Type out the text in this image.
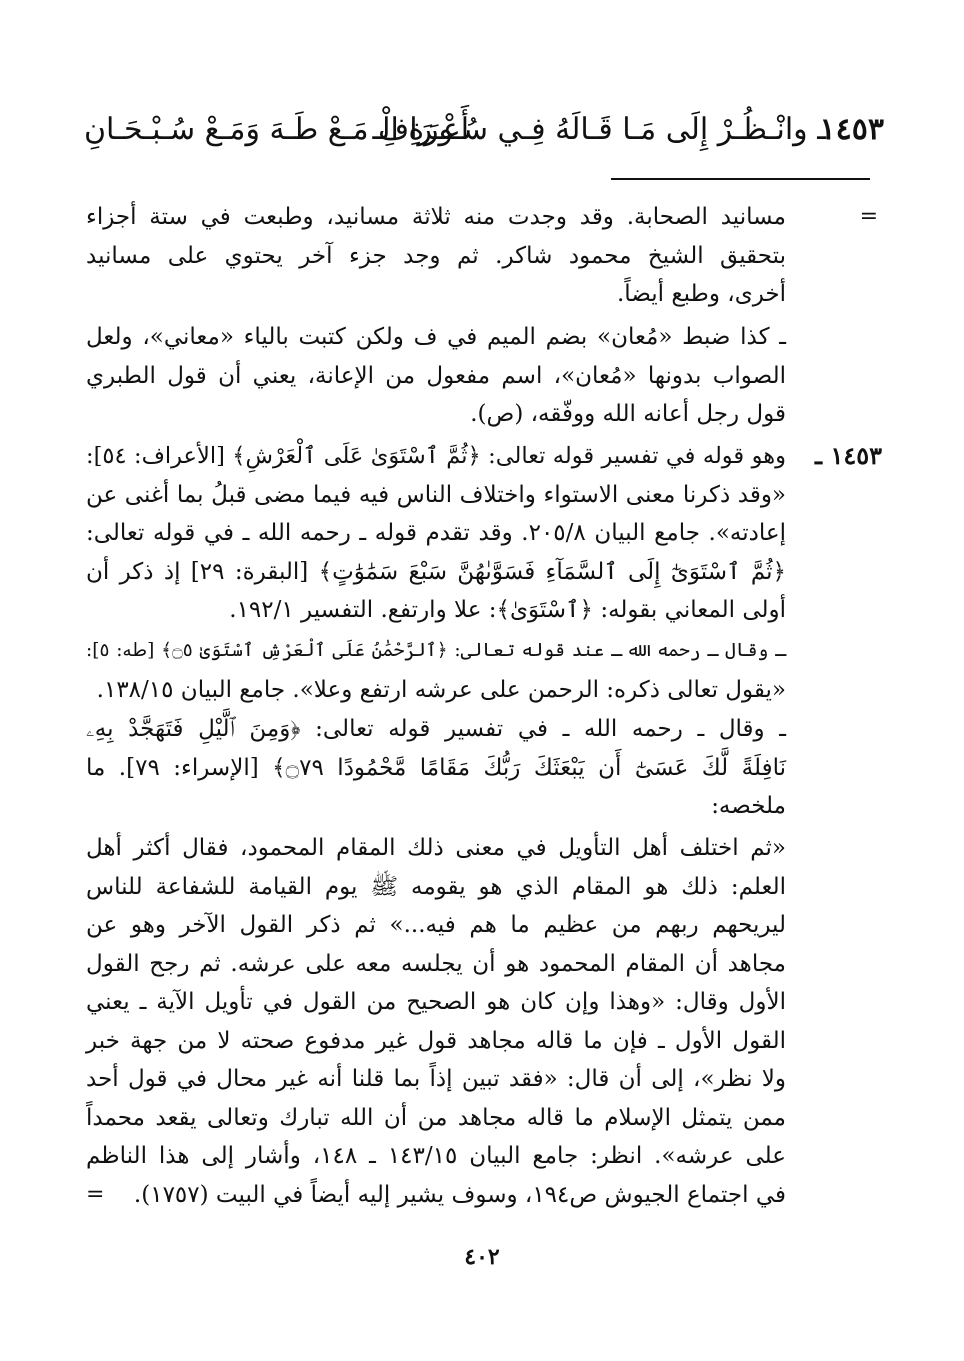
١٤٥٣
ـ وانْـظُـرْ إِلَى مَـا قَـالَهُ فِـي سُـورَةِ الْـ
أَعْـرَافِ مَـعْ طَـهَ وَمَـعْ سُـبْـحَـانِ
=
مسانيد الصحابة. وقد وجدت منه ثلاثة مسانيد، وطبعت في ستة أجزاء
بتحقيق الشيخ محمود شاكر. ثم وجد جزء آخر يحتوي على مسانيد
أخرى، وطبع أيضاً.
ـ كذا ضبط «مُعان» بضم الميم في ف ولكن كتبت بالياء «معاني»، ولعل
الصواب بدونها «مُعان»، اسم مفعول من الإعانة، يعني أن قول الطبري
قول رجل أعانه الله ووفّقه، (ص).
١٤٥٣ ـ
وهو قوله في تفسير قوله تعالى: ﴿ثُمَّ ٱسْتَوَىٰ عَلَى ٱلْعَرْشِ﴾ [الأعراف: ٥٤]:
«وقد ذكرنا معنى الاستواء واختلاف الناس فيه فيما مضى قبلُ بما أغنى عن
إعادته». جامع البيان ٢٠٥/٨. وقد تقدم قوله ـ رحمه الله ـ في قوله تعالى:
﴿ثُمَّ ٱسْتَوَىٰٓ إِلَى ٱلسَّمَآءِ فَسَوَّىٰهُنَّ سَبْعَ سَمَٰوَٰتٍ﴾ [البقرة: ٢٩] إذ ذكر أن
أولى المعاني بقوله: ﴿ٱسْتَوَىٰ﴾: علا وارتفع. التفسير ١٩٢/١.
ـ وقال ـ رحمه الله ـ عند قوله تعالى: ﴿ٱلرَّحْمَٰنُ عَلَى ٱلْعَرْشِ ٱسْتَوَىٰ ۝٥﴾ [طه: ٥]:
«يقول تعالى ذكره: الرحمن على عرشه ارتفع وعلا». جامع البيان ١٣٨/١٥.
ـ وقال ـ رحمه الله ـ في تفسير قوله تعالى: ﴿وَمِنَ ٱلَّيْلِ فَتَهَجَّدْ بِهِۦ
نَافِلَةً لَّكَ عَسَىٰٓ أَن يَبْعَثَكَ رَبُّكَ مَقَامًا مَّحْمُودًا ۝٧٩﴾ [الإسراء: ٧٩]. ما
ملخصه:
«ثم اختلف أهل التأويل في معنى ذلك المقام المحمود، فقال أكثر أهل
العلم: ذلك هو المقام الذي هو يقومه ﷺ يوم القيامة للشفاعة للناس
ليريحهم ربهم من عظيم ما هم فيه...» ثم ذكر القول الآخر وهو عن
مجاهد أن المقام المحمود هو أن يجلسه معه على عرشه. ثم رجح القول
الأول وقال: «وهذا وإن كان هو الصحيح من القول في تأويل الآية ـ يعني
القول الأول ـ فإن ما قاله مجاهد قول غير مدفوع صحته لا من جهة خبر
ولا نظر»، إلى أن قال: «فقد تبين إذاً بما قلنا أنه غير محال في قول أحد
ممن يتمثل الإسلام ما قاله مجاهد من أن الله تبارك وتعالى يقعد محمداً
على عرشه». انظر: جامع البيان ١٤٣/١٥ ـ ١٤٨، وأشار إلى هذا الناظم
في اجتماع الجيوش ص١٩٤، وسوف يشير إليه أيضاً في البيت (١٧٥٧).
=
٤٠٢
